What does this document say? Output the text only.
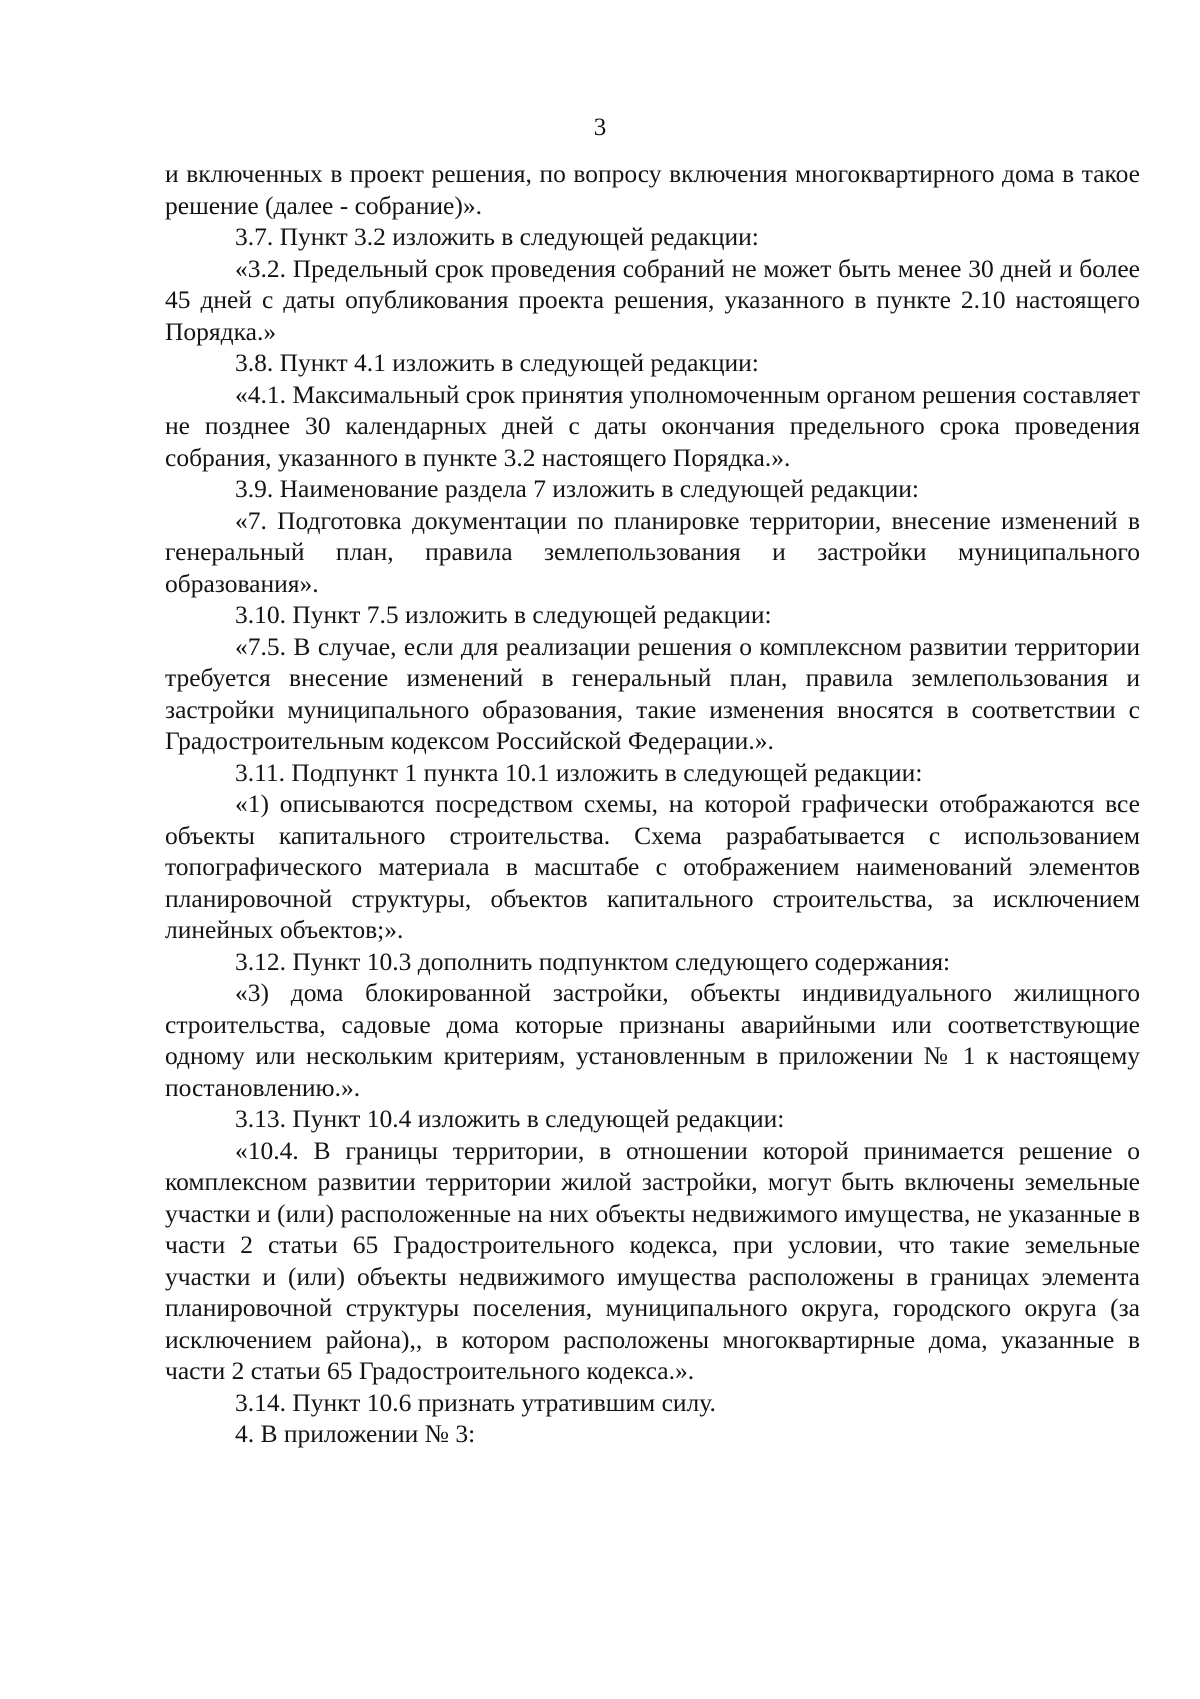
3

и включенных в проект решения, по вопросу включения многоквартирного дома в такое решение (далее - собрание)».

3.7. Пункт 3.2 изложить в следующей редакции:

«3.2. Предельный срок проведения собраний не может быть менее 30 дней и более 45 дней с даты опубликования проекта решения, указанного в пункте 2.10 настоящего Порядка.»

3.8. Пункт 4.1 изложить в следующей редакции:

«4.1. Максимальный срок принятия уполномоченным органом решения составляет не позднее 30 календарных дней с даты окончания предельного срока проведения собрания, указанного в пункте 3.2 настоящего Порядка.».

3.9. Наименование раздела 7 изложить в следующей редакции:

«7. Подготовка документации по планировке территории, внесение изменений в генеральный план, правила землепользования и застройки муниципального образования».

3.10. Пункт 7.5 изложить в следующей редакции:

«7.5. В случае, если для реализации решения о комплексном развитии территории требуется внесение изменений в генеральный план, правила землепользования и застройки муниципального образования, такие изменения вносятся в соответствии с Градостроительным кодексом Российской Федерации.».

3.11. Подпункт 1 пункта 10.1 изложить в следующей редакции:

«1) описываются посредством схемы, на которой графически отображаются все объекты капитального строительства. Схема разрабатывается с использованием топографического материала в масштабе с отображением наименований элементов планировочной структуры, объектов капитального строительства, за исключением линейных объектов;».

3.12. Пункт 10.3 дополнить подпунктом следующего содержания:

«3) дома блокированной застройки, объекты индивидуального жилищного строительства, садовые дома которые признаны аварийными или соответствующие одному или нескольким критериям, установленным в приложении № 1 к настоящему постановлению.».

3.13. Пункт 10.4 изложить в следующей редакции:

«10.4. В границы территории, в отношении которой принимается решение о комплексном развитии территории жилой застройки, могут быть включены земельные участки и (или) расположенные на них объекты недвижимого имущества, не указанные в части 2 статьи 65 Градостроительного кодекса, при условии, что такие земельные участки и (или) объекты недвижимого имущества расположены в границах элемента планировочной структуры поселения, муниципального округа, городского округа (за исключением района),, в котором расположены многоквартирные дома, указанные в части 2 статьи 65 Градостроительного кодекса.».

3.14. Пункт 10.6 признать утратившим силу.

4. В приложении № 3:
